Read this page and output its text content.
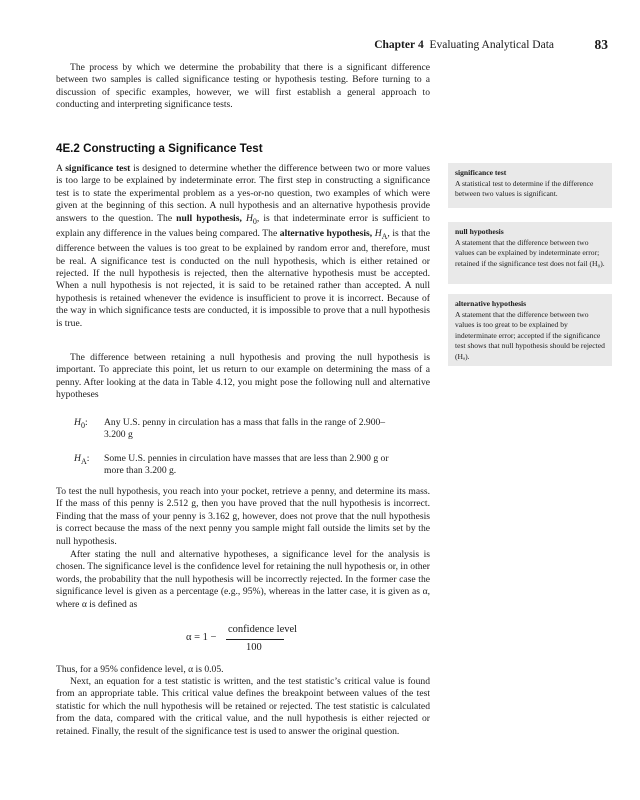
Chapter 4 Evaluating Analytical Data	83

The process by which we determine the probability that there is a significant difference between two samples is called significance testing or hypothesis testing. Before turning to a discussion of specific examples, however, we will first establish a general approach to conducting and interpreting significance tests.

4E.2 Constructing a Significance Test

A significance test is designed to determine whether the difference between two or more values is too large to be explained by indeterminate error. The first step in constructing a significance test is to state the experimental problem as a yes-or-no question, two examples of which were given at the beginning of this section. A null hypothesis and an alternative hypothesis provide answers to the question. The null hypothesis, $H_0$, is that indeterminate error is sufficient to explain any difference in the values being compared. The alternative hypothesis, $H_A$, is that the difference between the values is too great to be explained by random error and, therefore, must be real. A significance test is conducted on the null hypothesis, which is either retained or rejected. If the null hypothesis is rejected, then the alternative hypothesis must be accepted. When a null hypothesis is not rejected, it is said to be retained rather than accepted. A null hypothesis is retained whenever the evidence is insufficient to prove it is incorrect. Because of the way in which significance tests are conducted, it is impossible to prove that a null hypothesis is true.

The difference between retaining a null hypothesis and proving the null hypothesis is important. To appreciate this point, let us return to our example on determining the mass of a penny. After looking at the data in Table 4.12, you might pose the following null and alternative hypotheses

$H_0$:	Any U.S. penny in circulation has a mass that falls in the range of 2.900–3.200 g
$H_A$:	Some U.S. pennies in circulation have masses that are less than 2.900 g or more than 3.200 g.

To test the null hypothesis, you reach into your pocket, retrieve a penny, and determine its mass. If the mass of this penny is 2.512 g, then you have proved that the null hypothesis is incorrect. Finding that the mass of your penny is 3.162 g, however, does not prove that the null hypothesis is correct because the mass of the next penny you sample might fall outside the limits set by the null hypothesis.

After stating the null and alternative hypotheses, a significance level for the analysis is chosen. The significance level is the confidence level for retaining the null hypothesis or, in other words, the probability that the null hypothesis will be incorrectly rejected. In the former case the significance level is given as a percentage (e.g., 95%), whereas in the latter case, it is given as α, where α is defined as

α = 1 −
confidence level
100

Thus, for a 95% confidence level, α is 0.05.

Next, an equation for a test statistic is written, and the test statistic’s critical value is found from an appropriate table. This critical value defines the breakpoint between values of the test statistic for which the null hypothesis will be retained or rejected. The test statistic is calculated from the data, compared with the critical value, and the null hypothesis is either rejected or retained. Finally, the result of the significance test is used to answer the original question.

significance test
A statistical test to determine if the difference between two values is significant.
null hypothesis
A statement that the difference between two values can be explained by indeterminate error; retained if the significance test does not fail (H₀).
alternative hypothesis
A statement that the difference between two values is too great to be explained by indeterminate error; accepted if the significance test shows that null hypothesis should be rejected (Hₐ).
